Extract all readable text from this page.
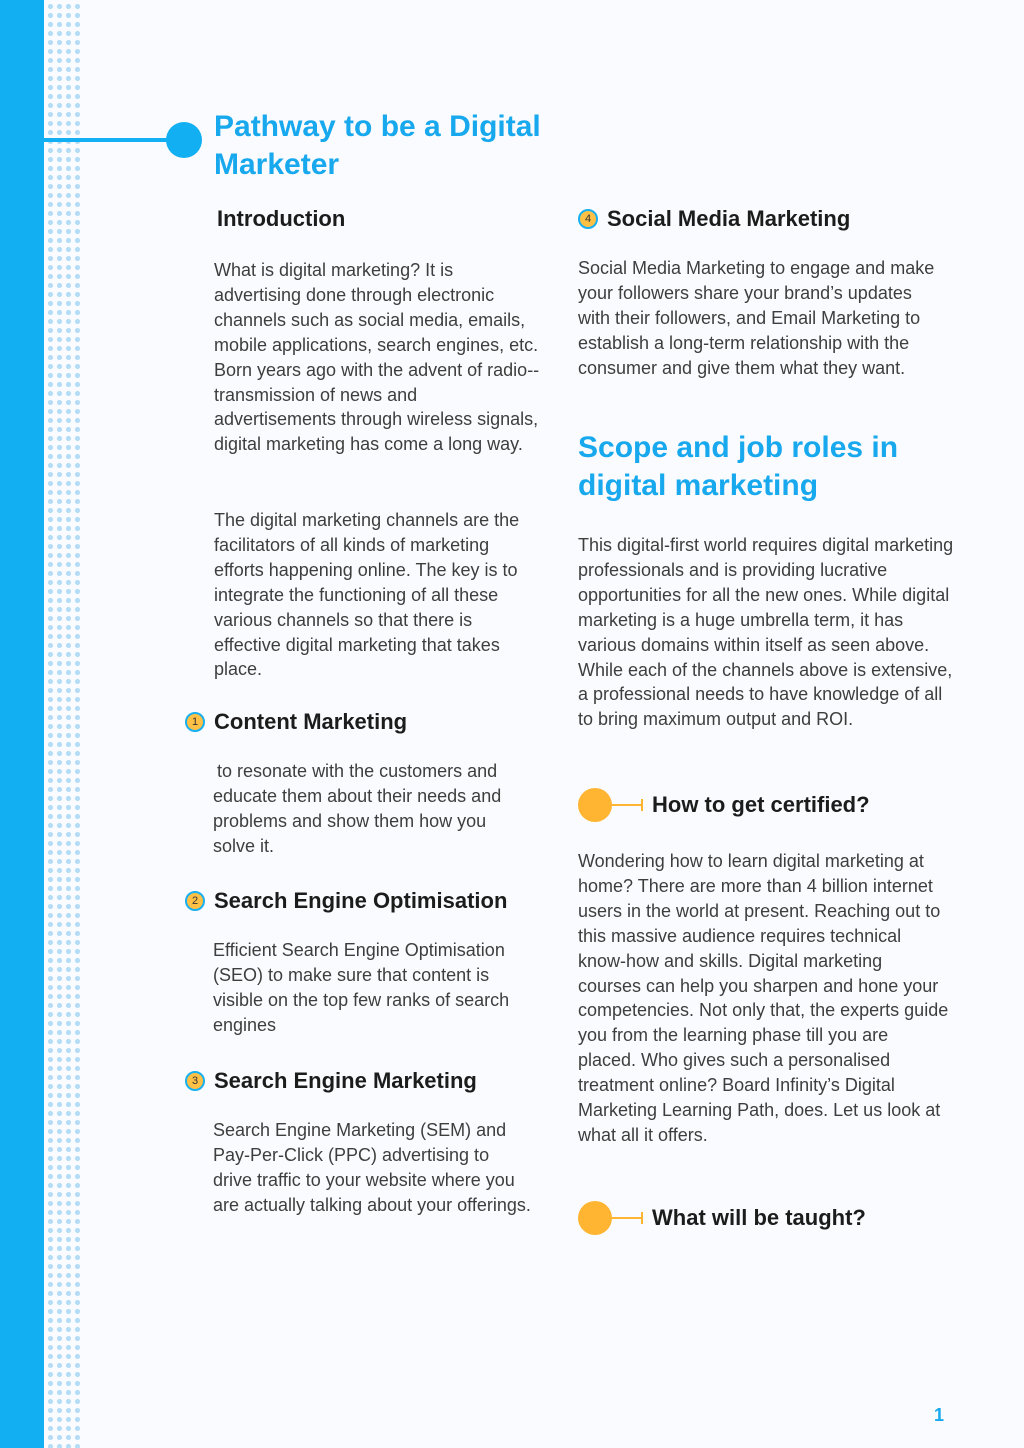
Pathway to be a Digital Marketer
Introduction

What is digital marketing? It is advertising done through electronic channels such as social media, emails, mobile applications, search engines, etc. Born years ago with the advent of radio--transmission of news and advertisements through wireless signals, digital marketing has come a long way.

The digital marketing channels are the facilitators of all kinds of marketing efforts happening online. The key is to integrate the functioning of all these various channels so that there is effective digital marketing that takes place.

1 Content Marketing

to resonate with the customers and educate them about their needs and problems and show them how you solve it.

2 Search Engine Optimisation

Efficient Search Engine Optimisation (SEO) to make sure that content is visible on the top few ranks of search engines

3 Search Engine Marketing

Search Engine Marketing (SEM) and Pay-Per-Click (PPC) advertising to drive traffic to your website where you are actually talking about your offerings.

4 Social Media Marketing

Social Media Marketing to engage and make your followers share your brand’s updates with their followers, and Email Marketing to establish a long-term relationship with the consumer and give them what they want.

Scope and job roles in digital marketing

This digital-first world requires digital marketing professionals and is providing lucrative opportunities for all the new ones. While digital marketing is a huge umbrella term, it has various domains within itself as seen above. While each of the channels above is extensive, a professional needs to have knowledge of all to bring maximum output and ROI.

How to get certified?

Wondering how to learn digital marketing at home? There are more than 4 billion internet users in the world at present. Reaching out to this massive audience requires technical know-how and skills. Digital marketing courses can help you sharpen and hone your competencies. Not only that, the experts guide you from the learning phase till you are placed. Who gives such a personalised treatment online? Board Infinity’s Digital Marketing Learning Path, does. Let us look at what all it offers.

What will be taught?
1
